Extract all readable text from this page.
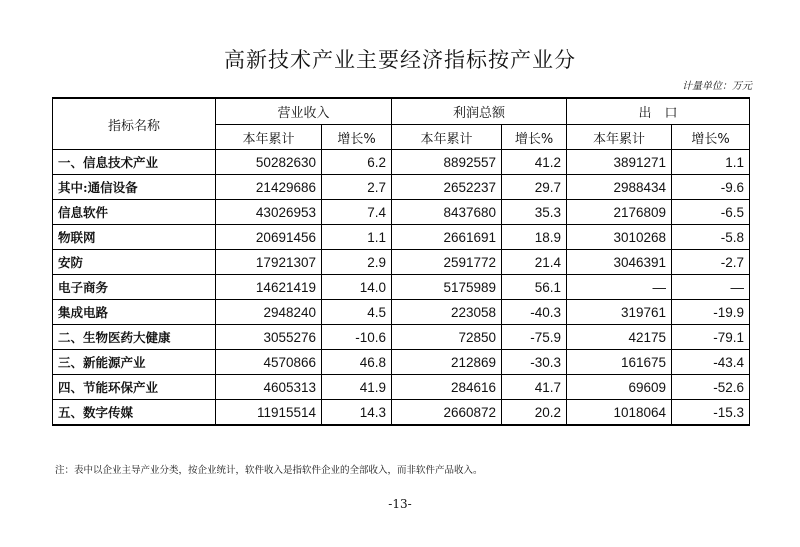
高新技术产业主要经济指标按产业分
计量单位：万元
指标名称	营业收入		利润总额		出　口	
	本年累计	增长%	本年累计	增长%	本年累计	增长%
一、信息技术产业	50282630	6.2	8892557	41.2	3891271	1.1
其中:通信设备	21429686	2.7	2652237	29.7	2988434	-9.6
信息软件	43026953	7.4	8437680	35.3	2176809	-6.5
物联网	20691456	1.1	2661691	18.9	3010268	-5.8
安防	17921307	2.9	2591772	21.4	3046391	-2.7
电子商务	14621419	14.0	5175989	56.1	—	—
集成电路	2948240	4.5	223058	-40.3	319761	-19.9
二、生物医药大健康	3055276	-10.6	72850	-75.9	42175	-79.1
三、新能源产业	4570866	46.8	212869	-30.3	161675	-43.4
四、节能环保产业	4605313	41.9	284616	41.7	69609	-52.6
五、数字传媒	11915514	14.3	2660872	20.2	1018064	-15.3
注：表中以企业主导产业分类，按企业统计，软件收入是指软件企业的全部收入，而非软件产品收入。
-13-
